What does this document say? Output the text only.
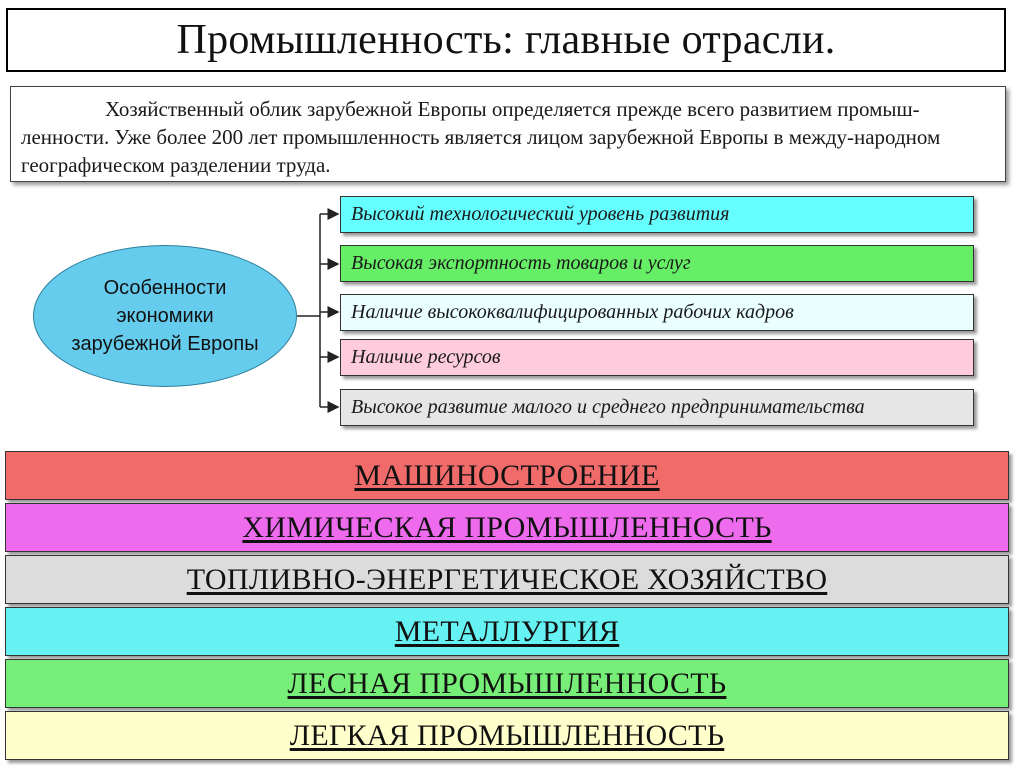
Промышленность: главные отрасли.
Хозяйственный облик зарубежной Европы определяется прежде всего развитием промыш-ленности. Уже более 200 лет промышленность является лицом зарубежной Европы в между-народном географическом разделении труда.
Особенности экономики зарубежной Европы
Высокий технологический уровень развития
Высокая экспортность товаров и услуг
Наличие высококвалифицированных рабочих кадров
Наличие ресурсов
Высокое развитие малого и среднего предпринимательства
МАШИНОСТРОЕНИЕ
ХИМИЧЕСКАЯ ПРОМЫШЛЕННОСТЬ
ТОПЛИВНО-ЭНЕРГЕТИЧЕСКОЕ ХОЗЯЙСТВО
МЕТАЛЛУРГИЯ
ЛЕСНАЯ ПРОМЫШЛЕННОСТЬ
ЛЕГКАЯ ПРОМЫШЛЕННОСТЬ
